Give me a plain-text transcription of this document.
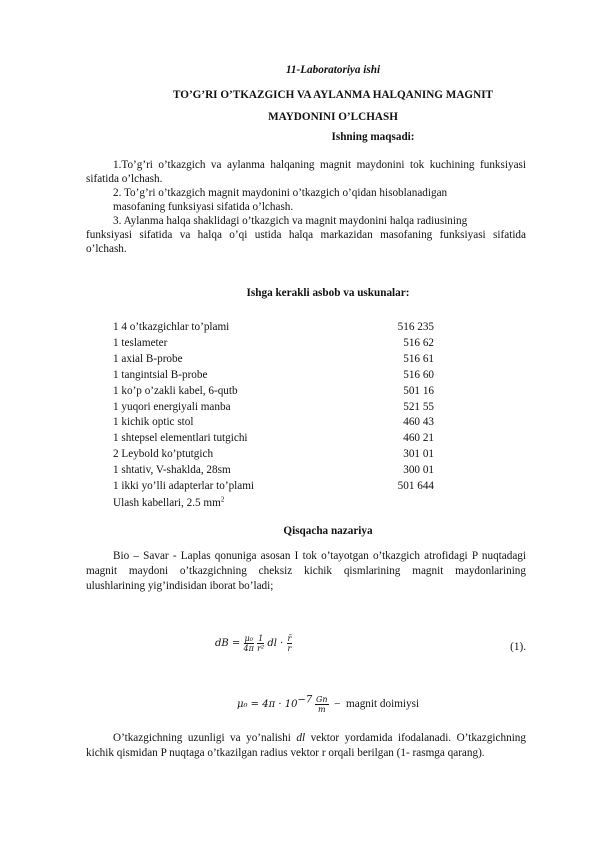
11-Laboratoriya ishi
TO’G’RI O’TKAZGICH VA AYLANMA HALQANING MAGNIT
MAYDONINI O’LCHASH
Ishning maqsadi:
1.To’g’ri o’tkazgich va aylanma halqaning magnit maydonini tok kuchining funksiyasi
sifatida o’lchash.
2. To’g’ri o’tkazgich magnit maydonini o’tkazgich o’qidan hisoblanadigan
masofaning funksiyasi sifatida o’lchash.
3. Aylanma halqa shaklidagi o’tkazgich va magnit maydonini halqa radiusining
funksiyasi sifatida va halqa o’qi ustida halqa markazidan masofaning funksiyasi sifatida
o’lchash.
Ishga kerakli asbob va uskunalar:
1 4 o’tkazgichlar to’plami	516 235
1 teslameter	516 62
1 axial B-probe	516 61
1 tangintsial B-probe	516 60
1 ko’p o’zakli kabel, 6-qutb	501 16
1 yuqori energiyali manba	521 55
1 kichik optic stol	460 43
1 shtepsel elementlari tutgichi	460 21
2 Leybold ko’ptutgich	301 01
1 shtativ, V-shaklda, 28sm	300 01
1 ikki yo’lli adapterlar to’plami	501 644
Ulash kabellari, 2.5 $mm^2$
Qisqacha nazariya
Bio – Savar - Laplas qonuniga asosan I tok o’tayotgan o’tkazgich atrofidagi P nuqtadagi
magnit   maydoni   o’tkazgichning   cheksiz   kichik   qismlarining   magnit   maydonlarining
ulushlarining yig’indisidan iborat bo’ladi;
dB = $\frac{\text{μ₀}}{4\pi}$
$\frac{1}{\text{r²}}$ dl · $\frac{r̄}{r}$	(1).
$\mu_0 = 4\pi \cdot 10^{-7} \frac{Gn}{m}$ − magnit doimiysi
O’tkazgichning uzunligi va yo’nalishi dl vektor yordamida ifodalanadi. O’tkazgichning
kichik qismidan P nuqtaga o’tkazilgan radius vektor r orqali berilgan (1- rasmga qarang).
